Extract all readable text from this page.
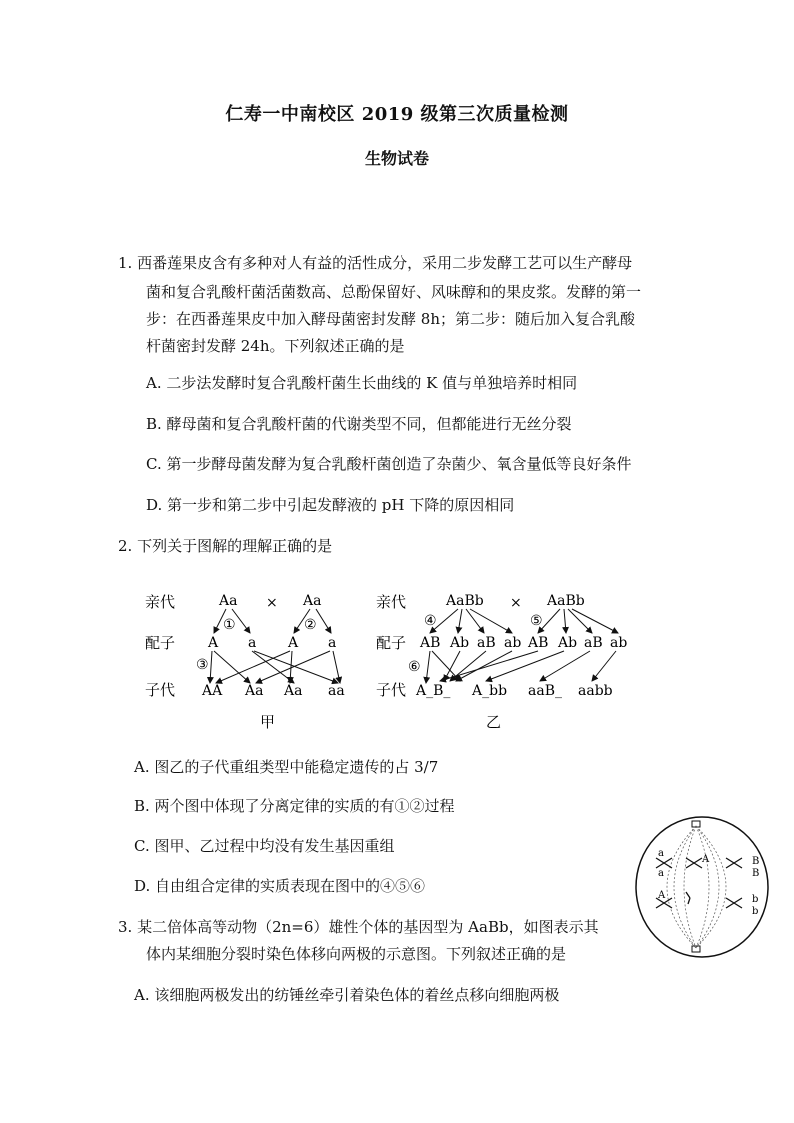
仁寿一中南校区 2019 级第三次质量检测
生物试卷
1. 西番莲果皮含有多种对人有益的活性成分，采用二步发酵工艺可以生产酵母
菌和复合乳酸杆菌活菌数高、总酚保留好、风味醇和的果皮浆。发酵的第一
步：在西番莲果皮中加入酵母菌密封发酵 8h；第二步：随后加入复合乳酸
杆菌密封发酵 24h。下列叙述正确的是
A. 二步法发酵时复合乳酸杆菌生长曲线的 K 值与单独培养时相同
B. 酵母菌和复合乳酸杆菌的代谢类型不同，但都能进行无丝分裂
C. 第一步酵母菌发酵为复合乳酸杆菌创造了杂菌少、氧含量低等良好条件
D. 第一步和第二步中引起发酵液的 pH 下降的原因相同
2. 下列关于图解的理解正确的是
亲代
配子
子代
Aa × Aa
A a A a
①	②
③
AA Aa Aa aa
甲
亲代
配子
子代
AaBb × AaBb
④	⑤
⑥
AB Ab aB ab AB Ab aB ab
A_B_ A_bb aaB_ aabb
乙
A. 图乙的子代重组类型中能稳定遗传的占 3/7
B. 两个图中体现了分离定律的实质的有①②过程
C. 图甲、乙过程中均没有发生基因重组
D. 自由组合定律的实质表现在图中的④⑤⑥
3. 某二倍体高等动物（2n=6）雄性个体的基因型为 AaBb，如图表示其
体内某细胞分裂时染色体移向两极的示意图。下列叙述正确的是
A. 该细胞两极发出的纺锤丝牵引着染色体的着丝点移向细胞两极
a
a
A
A
B
B
b
b
